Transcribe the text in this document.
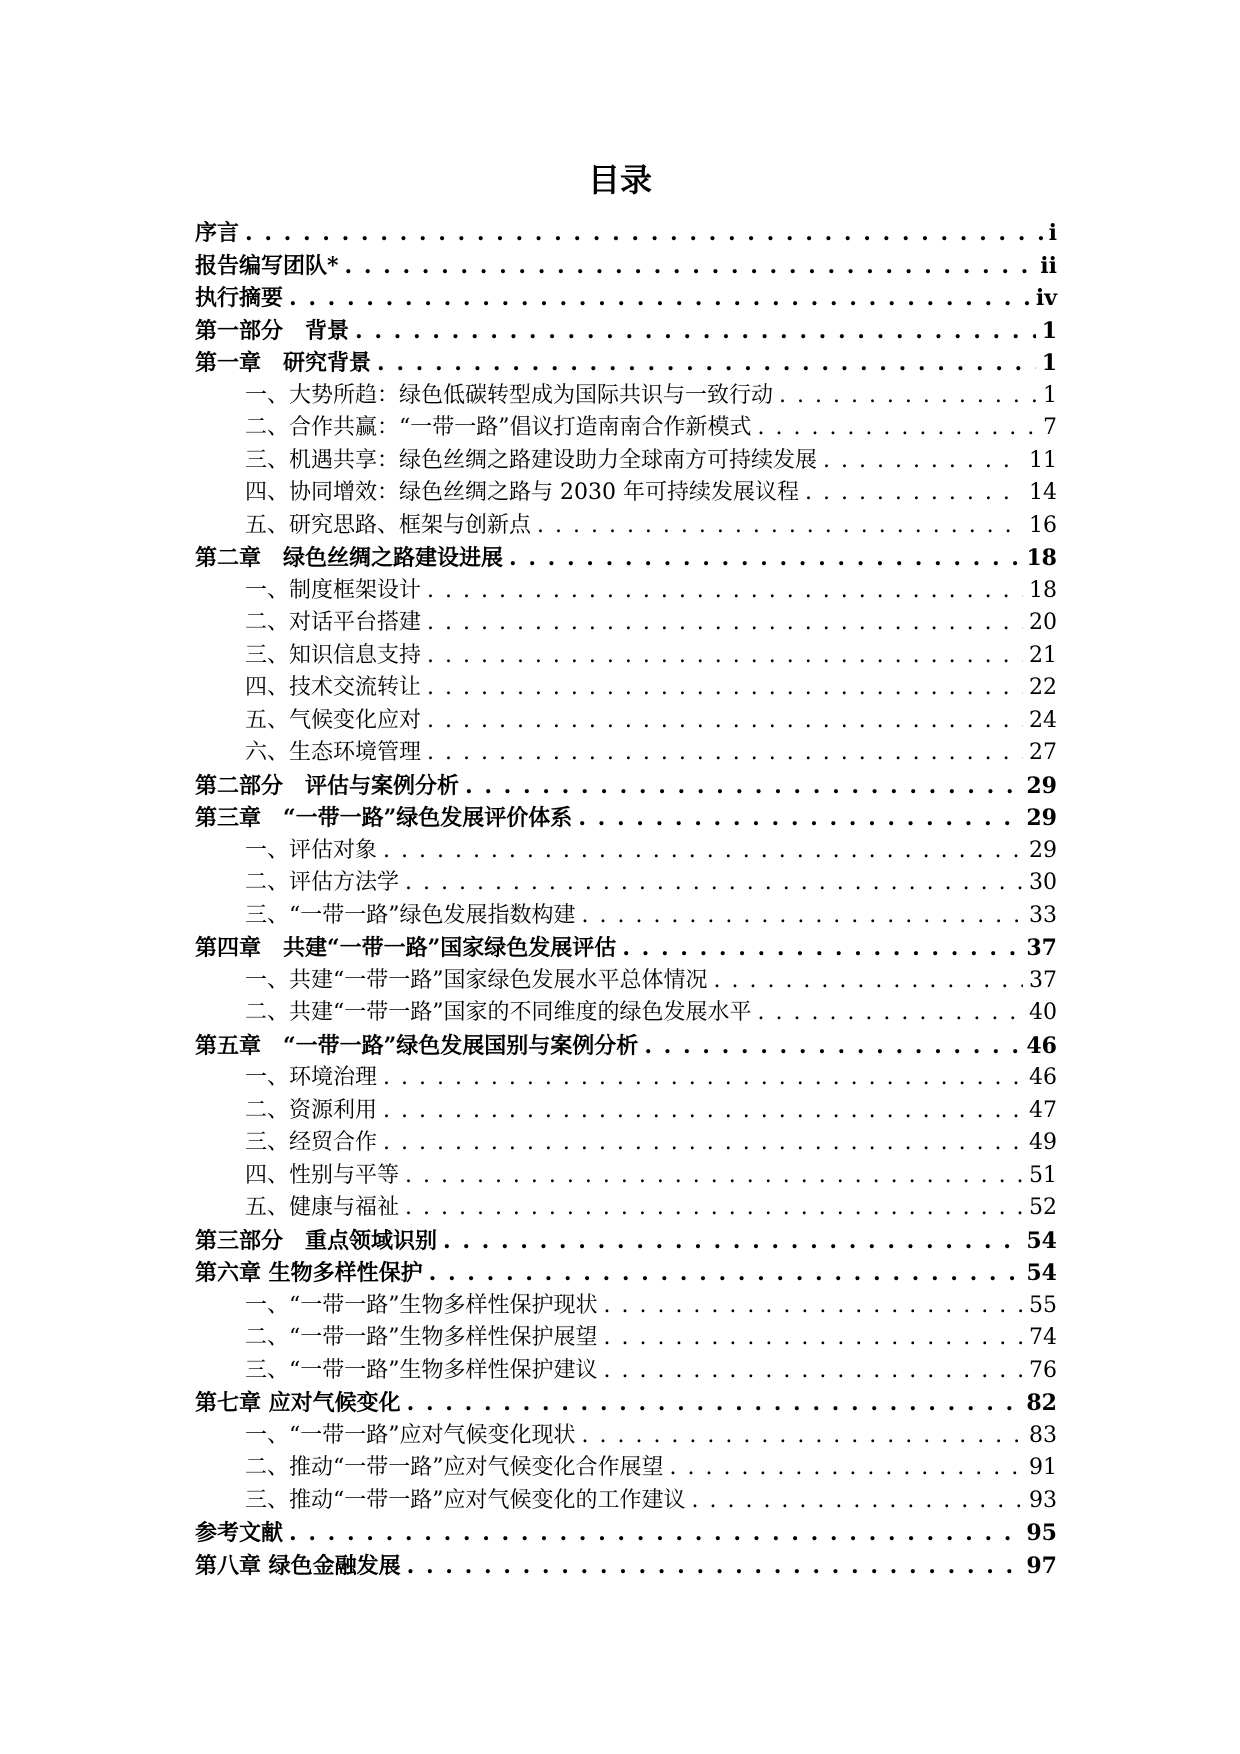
目录
序言 . . .	i
报告编写团队* . . .	ii
执行摘要 . . .	iv
第一部分　背景 . . .	1
第一章　研究背景 . . .	1
一、大势所趋：绿色低碳转型成为国际共识与一致行动 . . .	1
二、合作共赢：“一带一路”倡议打造南南合作新模式 . . .	7
三、机遇共享：绿色丝绸之路建设助力全球南方可持续发展 . . .	11
四、协同增效：绿色丝绸之路与 2030 年可持续发展议程 . . .	14
五、研究思路、框架与创新点 . . .	16
第二章　绿色丝绸之路建设进展 . . .	18
一、制度框架设计 . . .	18
二、对话平台搭建 . . .	20
三、知识信息支持 . . .	21
四、技术交流转让 . . .	22
五、气候变化应对 . . .	24
六、生态环境管理 . . .	27
第二部分　评估与案例分析 . . .	29
第三章　“一带一路”绿色发展评价体系 . . .	29
一、评估对象 . . .	29
二、评估方法学 . . .	30
三、“一带一路”绿色发展指数构建 . . .	33
第四章　共建“一带一路”国家绿色发展评估 . . .	37
一、共建“一带一路”国家绿色发展水平总体情况 . . .	37
二、共建“一带一路”国家的不同维度的绿色发展水平 . . .	40
第五章　“一带一路”绿色发展国别与案例分析 . . .	46
一、环境治理 . . .	46
二、资源利用 . . .	47
三、经贸合作 . . .	49
四、性别与平等 . . .	51
五、健康与福祉 . . .	52
第三部分　重点领域识别 . . .	54
第六章 生物多样性保护 . . .	54
一、“一带一路”生物多样性保护现状 . . .	55
二、“一带一路”生物多样性保护展望 . . .	74
三、“一带一路”生物多样性保护建议 . . .	76
第七章 应对气候变化 . . .	82
一、“一带一路”应对气候变化现状 . . .	83
二、推动“一带一路”应对气候变化合作展望 . . .	91
三、推动“一带一路”应对气候变化的工作建议 . . .	93
参考文献 . . .	95
第八章 绿色金融发展 . . .	97
